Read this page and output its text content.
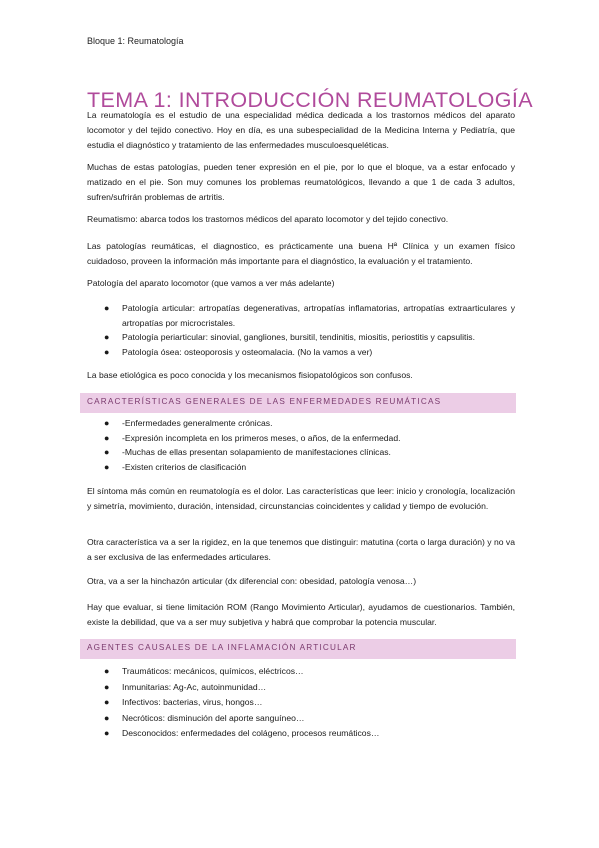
Bloque 1: Reumatología
TEMA 1: INTRODUCCIÓN REUMATOLOGÍA

La reumatología es el estudio de una especialidad médica dedicada a los trastornos médicos del aparato locomotor y del tejido conectivo. Hoy en día, es una subespecialidad de la Medicina Interna y Pediatría, que estudia el diagnóstico y tratamiento de las enfermedades musculoesqueléticas.

Muchas de estas patologías, pueden tener expresión en el pie, por lo que el bloque, va a estar enfocado y matizado en el pie. Son muy comunes los problemas reumatológicos, llevando a que 1 de cada 3 adultos, sufren/sufrirán problemas de artritis.

Reumatismo: abarca todos los trastornos médicos del aparato locomotor y del tejido conectivo.

Las patologías reumáticas, el diagnostico, es prácticamente una buena Hª Clínica y un examen físico cuidadoso, proveen la información más importante para el diagnóstico, la evaluación y el tratamiento.

Patología del aparato locomotor (que vamos a ver más adelante)

● Patología articular: artropatías degenerativas, artropatías inflamatorias, artropatías extraarticulares y artropatías por microcristales.
● Patología periarticular: sinovial, gangliones, bursitil, tendinitis, miositis, periostitis y capsulitis.
● Patología ósea: osteoporosis y osteomalacia. (No la vamos a ver)

La base etiológica es poco conocida y los mecanismos fisiopatológicos son confusos.

CARACTERÍSTICAS GENERALES DE LAS ENFERMEDADES REUMÁTICAS
● -Enfermedades generalmente crónicas.
● -Expresión incompleta en los primeros meses, o años, de la enfermedad.
● -Muchas de ellas presentan solapamiento de manifestaciones clínicas.
● -Existen criterios de clasificación

El síntoma más común en reumatología es el dolor. Las características que leer: inicio y cronología, localización y simetría, movimiento, duración, intensidad, circunstancias coincidentes y calidad y tiempo de evolución.

Otra característica va a ser la rigidez, en la que tenemos que distinguir: matutina (corta o larga duración) y no va a ser exclusiva de las enfermedades articulares.

Otra, va a ser la hinchazón articular (dx diferencial con: obesidad, patología venosa…)

Hay que evaluar, si tiene limitación ROM (Rango Movimiento Articular), ayudamos de cuestionarios. También, existe la debilidad, que va a ser muy subjetiva y habrá que comprobar la potencia muscular.

AGENTES CAUSALES DE LA INFLAMACIÓN ARTICULAR
● Traumáticos: mecánicos, químicos, eléctricos…
● Inmunitarias: Ag-Ac, autoinmunidad…
● Infectivos: bacterias, virus, hongos…
● Necróticos: disminución del aporte sanguíneo…
● Desconocidos: enfermedades del colágeno, procesos reumáticos…
